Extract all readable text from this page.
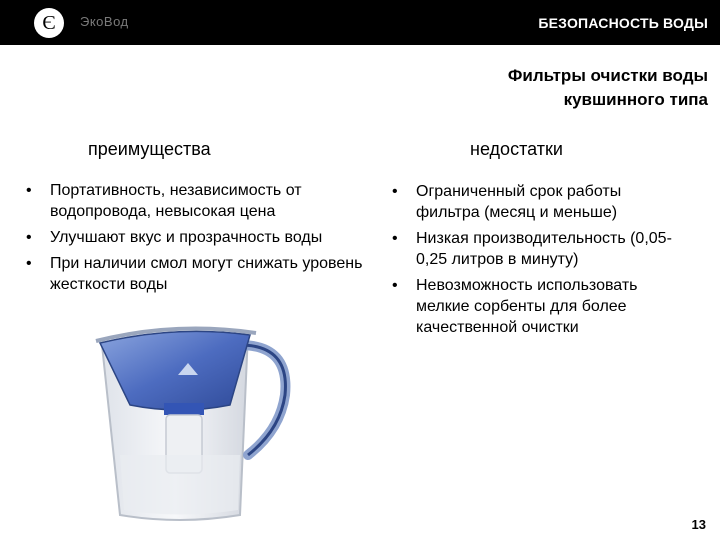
Є	ЭкоВод	БЕЗОПАСНОСТЬ ВОДЫ
Фильтры очистки воды
кувшинного типа
преимущества	недостатки
• Портативность, независимость от водопровода, невысокая цена
• Улучшают вкус и прозрачность воды
• При наличии смол могут снижать уровень жесткости воды
• Ограниченный срок работы фильтра (месяц и меньше)
• Низкая производительность (0,05-0,25 литров в минуту)
• Невозможность использовать мелкие сорбенты для более качественной очистки
13
